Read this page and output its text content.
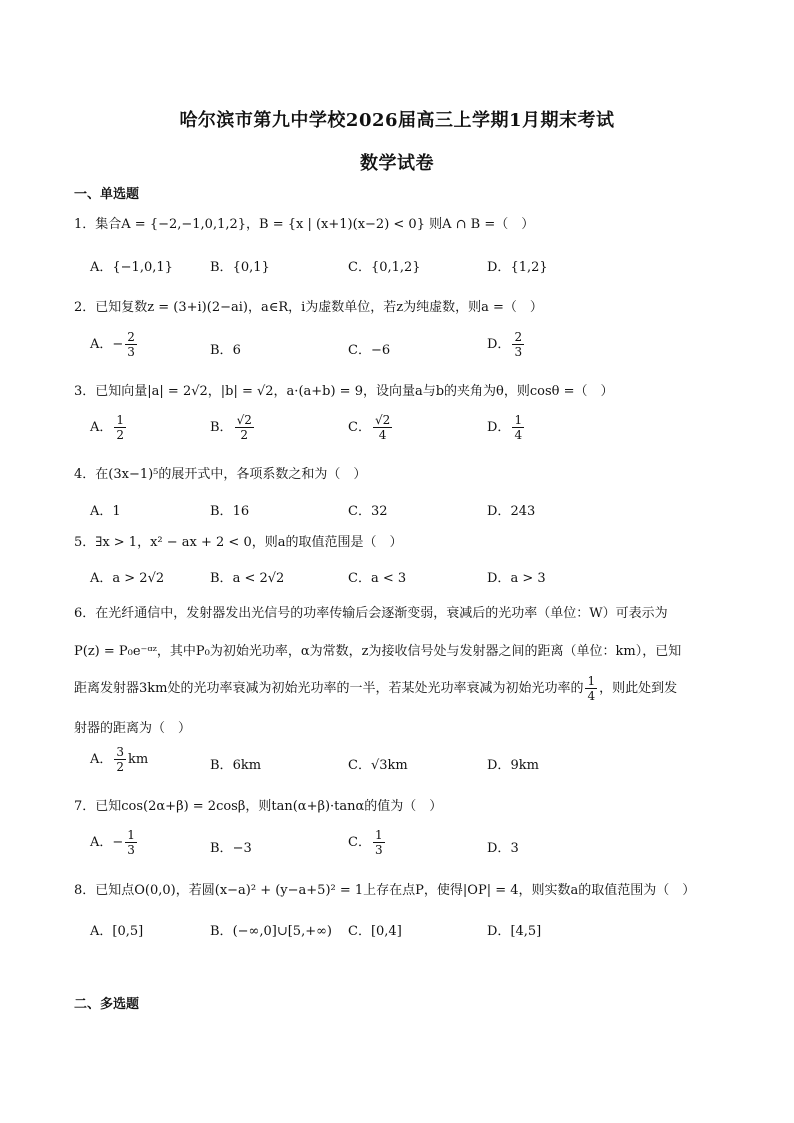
哈尔滨市第九中学校2026届高三上学期1月期末考试
数学试卷
一、单选题
1．集合A = {−2,−1,0,1,2}，B = {x | (x+1)(x−2) < 0} 则A ∩ B =（　）
A．{−1,0,1}	B．{0,1}	C．{0,1,2}	D．{1,2}
2．已知复数z = (3+i)(2−ai)，a∈R，i为虚数单位，若z为纯虚数，则a =（　）
A．− $\frac{2}{3}$	B．6	C．−6	D． $\frac{2}{3}$
3．已知向量|a| = 2√2，|b| = √2，a·(a+b) = 9，设向量a与b的夹角为θ，则cosθ =（　）
A． $\frac{1}{2}$	B． $\frac{√2}{2}$	C． $\frac{√2}{4}$	D． $\frac{1}{4}$
4．在(3x−1)⁵的展开式中，各项系数之和为（　）
A．1	B．16	C．32	D．243
5．∃x > 1，x² − ax + 2 < 0，则a的取值范围是（　）
A．a > 2√2	B．a < 2√2	C．a < 3	D．a > 3
6．在光纤通信中，发射器发出光信号的功率传输后会逐渐变弱，衰减后的光功率（单位：W）可表示为
P(z) = P₀e⁻ᵅᶻ，其中P₀为初始光功率，α为常数，z为接收信号处与发射器之间的距离（单位：km），已知
距离发射器3km处的光功率衰减为初始光功率的一半，若某处光功率衰减为初始光功率的 $\frac{1}{4}$ ，则此处到发
射器的距离为（　）
A． $\frac{3}{2}$ km	B．6km	C．√3km	D．9km
7．已知cos(2α+β) = 2cosβ，则tan(α+β)·tanα的值为（　）
A．− $\frac{1}{3}$	B．−3	C． $\frac{1}{3}$	D．3
8．已知点O(0,0)，若圆(x−a)² + (y−a+5)² = 1上存在点P，使得|OP| = 4，则实数a的取值范围为（　）
A．[0,5]	B．(−∞,0]∪[5,+∞) C．[0,4]	D．[4,5]
二、多选题
